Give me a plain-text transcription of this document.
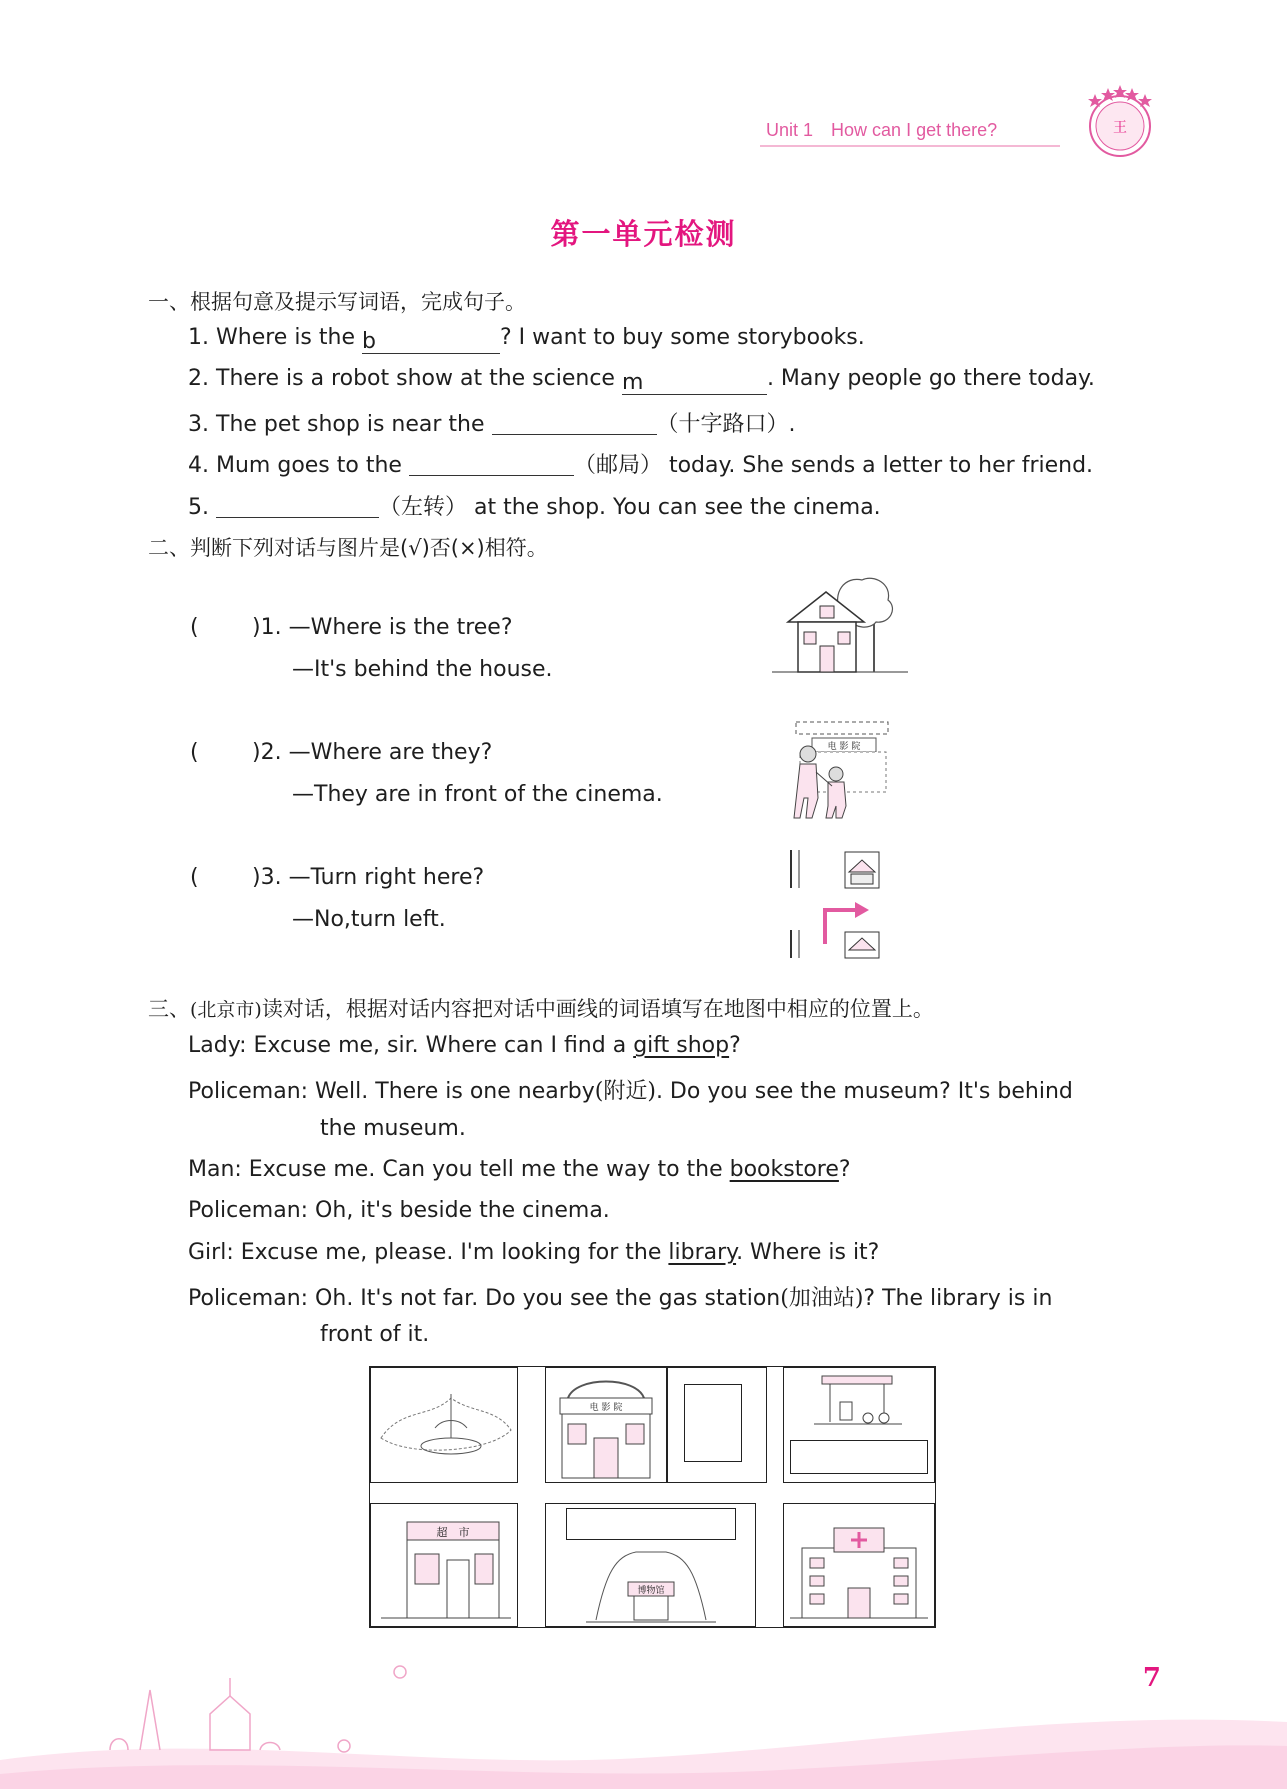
Unit 1 How can I get there?	王
第一单元检测
一、根据句意及提示写词语，完成句子。
1. Where is the b	? I want to buy some storybooks.
2. There is a robot show at the science m	. Many people go there today.
3. The pet shop is near the	（十字路口）.
4. Mum goes to the	（邮局） today. She sends a letter to her friend.
5.	（左转） at the shop. You can see the cinema.
二、判断下列对话与图片是(√)否(×)相符。
( )1. —Where is the tree?
—It's behind the house.
( )2. —Where are they?
—They are in front of the cinema.
( )3. —Turn right here?
—No,turn left.
电 影 院
三、(北京市)读对话，根据对话内容把对话中画线的词语填写在地图中相应的位置上。
Lady: Excuse me, sir. Where can I find a gift shop?
Policeman: Well. There is one nearby(附近). Do you see the museum? It's behind
the museum.
Man: Excuse me. Can you tell me the way to the bookstore?
Policeman: Oh, it's beside the cinema.
Girl: Excuse me, please. I'm looking for the library. Where is it?
Policeman: Oh. It's not far. Do you see the gas station(加油站)? The library is in
front of it.
电 影 院
超　市
博物馆
7
